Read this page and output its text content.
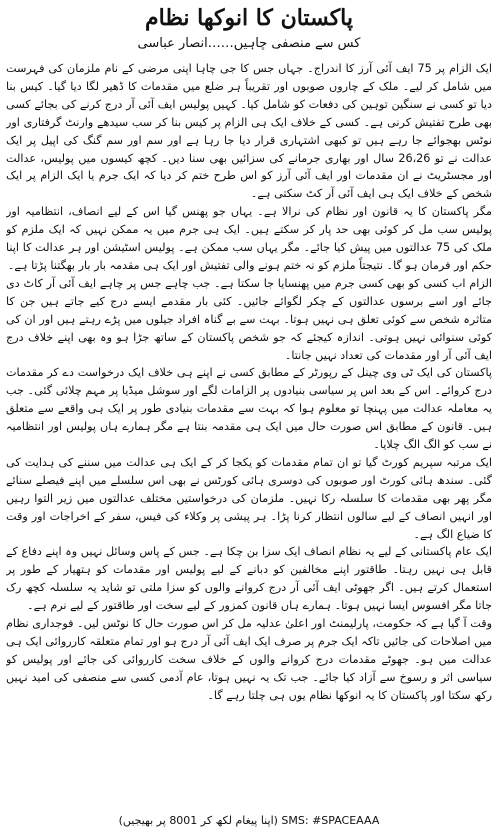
پاکستان کا انوکھا نظام
کس سے منصفی چاہیں……انصار عباسی

ایک الزام پر 75 ایف آئی آرز کا اندراج۔ جہاں جس کا جی چاہا اپنی مرضی کے نام ملزمان کی فہرست میں شامل کر لیے۔ ملک کے چاروں صوبوں اور تقریباً ہر ضلع میں مقدمات کا ڈھیر لگا دیا گیا۔ کیس بنا دیا تو کسی نے سنگین توہین کی دفعات کو شامل کیا۔ کہیں پولیس ایف آئی آر درج کرنے کی بجائے کسی بھی طرح تفتیش کرنی ہے۔ کسی کے خلاف ایک ہی الزام پر کیس بنا کر سب سیدھے وارنٹ گرفتاری اور نوٹس بھجوائے جا رہے ہیں تو کبھی اشتہاری قرار دیا جا رہا ہے اور سم اور سم گنگ کی اپیل پر ایک عدالت نے تو 26،26 سال اور بھاری جرمانے کی سزائیں بھی سنا دیں۔ کچھ کیسوں میں پولیس، عدالت اور مجسٹریٹ نے ان مقدمات اور ایف آئی آرز کو اس طرح ختم کر دیا کہ ایک جرم یا ایک الزام پر ایک شخص کے خلاف ایک ہی ایف آئی آر کٹ سکتی ہے۔

مگر پاکستان کا یہ قانون اور نظام کی نرالا ہے۔ یہاں جو پھنس گیا اس کے لیے انصاف، انتظامیہ اور پولیس سب مل کر کوئی بھی حد پار کر سکتے ہیں۔ ایک ہی جرم میں یہ ممکن نہیں کہ ایک ملزم کو ملک کی 75 عدالتوں میں پیش کیا جائے۔ مگر یہاں سب ممکن ہے۔ پولیس اسٹیشن اور ہر عدالت کا اپنا حکم اور فرمان ہو گا۔ نتیجتاً ملزم کو نہ ختم ہونے والی تفتیش اور ایک ہی مقدمہ بار بار بھگتنا پڑتا ہے۔

الزام اب کسی کو بھی کسی جرم میں پھنسایا جا سکتا ہے۔ جب چاہے جس پر چاہے ایف آئی آر کاٹ دی جائے اور اسے برسوں عدالتوں کے چکر لگوائے جائیں۔ کئی بار مقدمے ایسے درج کیے جاتے ہیں جن کا متاثرہ شخص سے کوئی تعلق ہی نہیں ہوتا۔ بہت سے بے گناہ افراد جیلوں میں پڑے رہتے ہیں اور ان کی کوئی سنوائی نہیں ہوتی۔ اندازہ کیجئے کہ جو شخص پاکستان کے ساتھ جڑا ہو وہ بھی اپنے خلاف درج ایف آئی آر اور مقدمات کی تعداد نہیں جانتا۔

پاکستان کی ایک ٹی وی چینل کے رپورٹر کے مطابق کسی نے اپنے ہی خلاف ایک درخواست دے کر مقدمات درج کروائے۔ اس کے بعد اس پر سیاسی بنیادوں پر الزامات لگے اور سوشل میڈیا پر مہم چلائی گئی۔ جب یہ معاملہ عدالت میں پہنچا تو معلوم ہوا کہ بہت سے مقدمات بنیادی طور پر ایک ہی واقعے سے متعلق ہیں۔ قانون کے مطابق اس صورت حال میں ایک ہی مقدمہ بنتا ہے مگر ہمارے ہاں پولیس اور انتظامیہ نے سب کو الگ الگ چلایا۔

ایک مرتبہ سپریم کورٹ گیا تو ان تمام مقدمات کو یکجا کر کے ایک ہی عدالت میں سننے کی ہدایت کی گئی۔ سندھ ہائی کورٹ اور صوبوں کی دوسری ہائی کورٹس نے بھی اس سلسلے میں اپنے فیصلے سنائے مگر پھر بھی مقدمات کا سلسلہ رکا نہیں۔ ملزمان کی درخواستیں مختلف عدالتوں میں زیر التوا رہیں اور انہیں انصاف کے لیے سالوں انتظار کرنا پڑا۔ ہر پیشی پر وکلاء کی فیس، سفر کے اخراجات اور وقت کا ضیاع الگ ہے۔

ایک عام پاکستانی کے لیے یہ نظام انصاف ایک سزا بن چکا ہے۔ جس کے پاس وسائل نہیں وہ اپنے دفاع کے قابل ہی نہیں رہتا۔ طاقتور اپنے مخالفین کو دبانے کے لیے پولیس اور مقدمات کو ہتھیار کے طور پر استعمال کرتے ہیں۔ اگر جھوٹی ایف آئی آر درج کروانے والوں کو سزا ملتی تو شاید یہ سلسلہ کچھ رک جاتا مگر افسوس ایسا نہیں ہوتا۔ ہمارے ہاں قانون کمزور کے لیے سخت اور طاقتور کے لیے نرم ہے۔

وقت آ گیا ہے کہ حکومت، پارلیمنٹ اور اعلیٰ عدلیہ مل کر اس صورت حال کا نوٹس لیں۔ فوجداری نظام میں اصلاحات کی جائیں تاکہ ایک جرم پر صرف ایک ایف آئی آر درج ہو اور تمام متعلقہ کارروائی ایک ہی عدالت میں ہو۔ جھوٹے مقدمات درج کروانے والوں کے خلاف سخت کارروائی کی جائے اور پولیس کو سیاسی اثر و رسوخ سے آزاد کیا جائے۔ جب تک یہ نہیں ہوتا، عام آدمی کسی سے منصفی کی امید نہیں رکھ سکتا اور پاکستان کا یہ انوکھا نظام یوں ہی چلتا رہے گا۔

SMS: #SPACEAAA (اپنا پیغام لکھ کر 8001 پر بھیجیں)
